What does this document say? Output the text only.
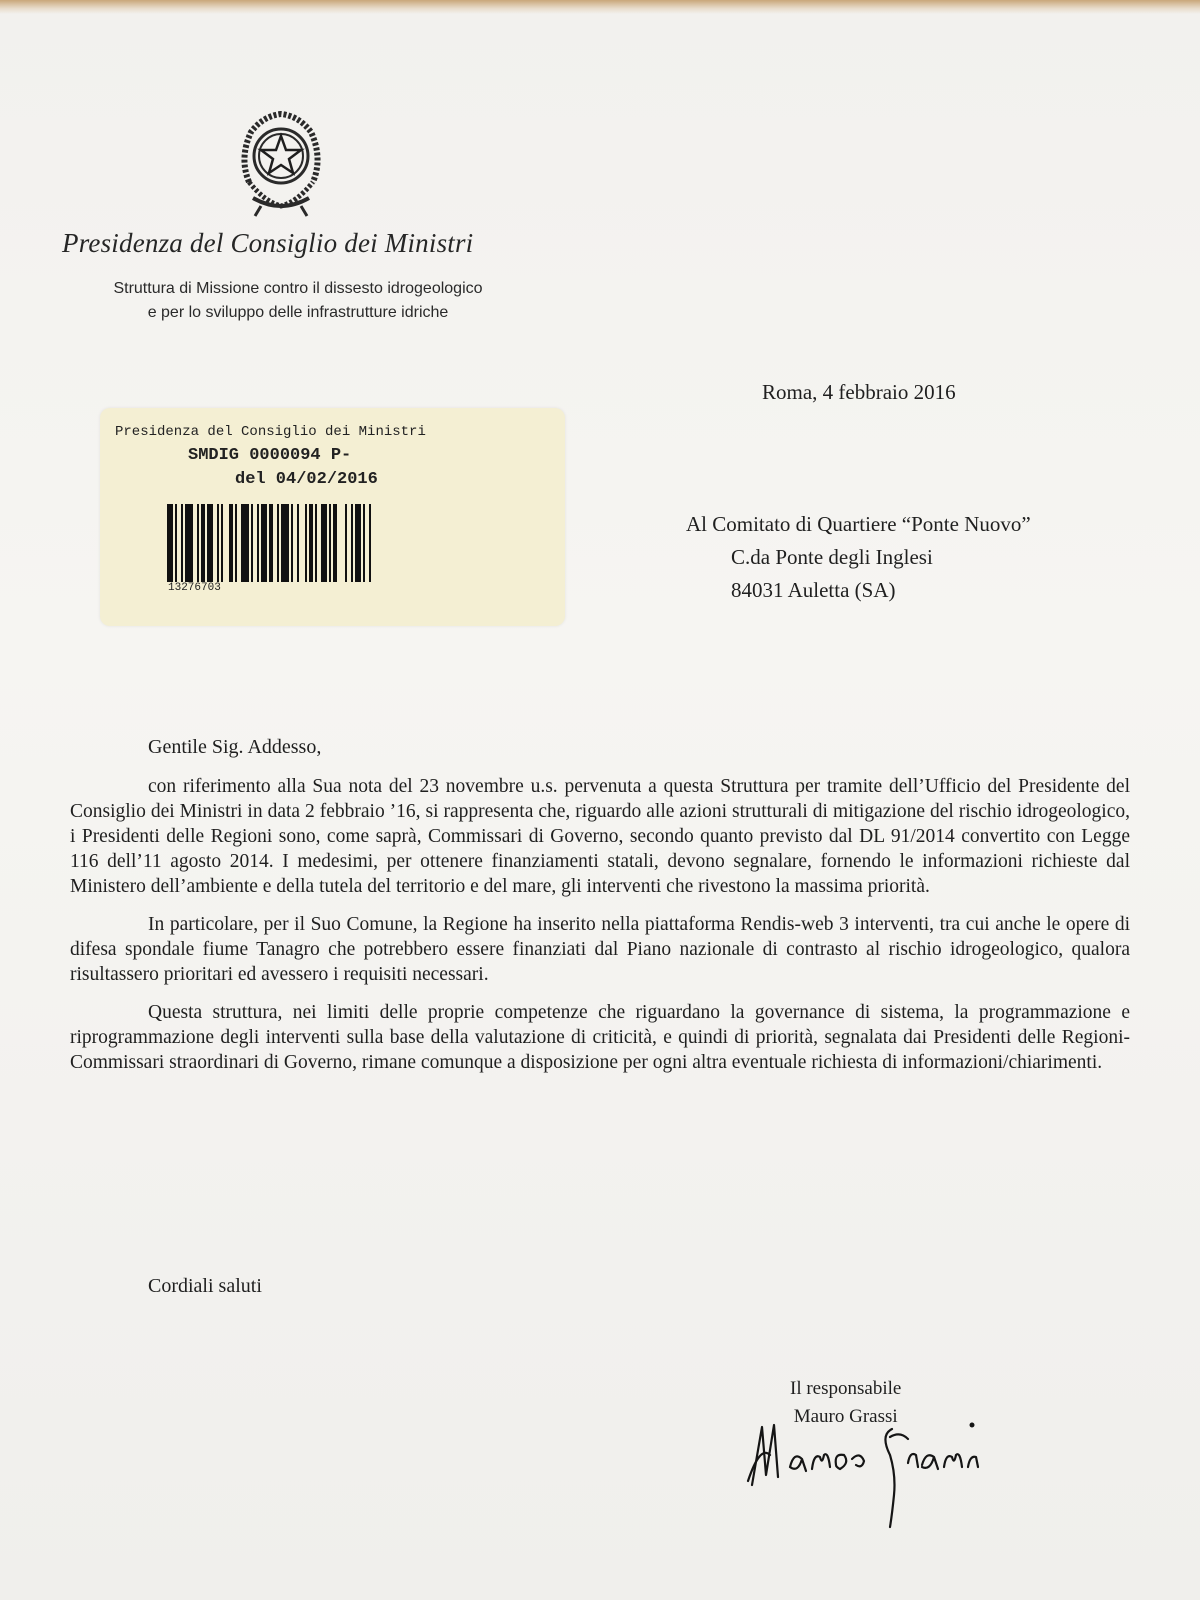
Presidenza del Consiglio dei Ministri
Struttura di Missione contro il dissesto idrogeologico
e per lo sviluppo delle infrastrutture idriche
Roma, 4 febbraio 2016
Presidenza del Consiglio dei Ministri
SMDIG 0000094 P-
del 04/02/2016
13276703
Al Comitato di Quartiere “Ponte Nuovo”
C.da Ponte degli Inglesi
84031 Auletta (SA)
Gentile Sig. Addesso,

con riferimento alla Sua nota del 23 novembre u.s. pervenuta a questa Struttura per tramite dell’Ufficio del Presidente del Consiglio dei Ministri in data 2 febbraio ’16, si rappresenta che, riguardo alle azioni strutturali di mitigazione del rischio idrogeologico, i Presidenti delle Regioni sono, come saprà, Commissari di Governo, secondo quanto previsto dal DL 91/2014 convertito con Legge 116 dell’11 agosto 2014. I medesimi, per ottenere finanziamenti statali, devono segnalare, fornendo le informazioni richieste dal Ministero dell’ambiente e della tutela del territorio e del mare, gli interventi che rivestono la massima priorità.

In particolare, per il Suo Comune, la Regione ha inserito nella piattaforma Rendis-web 3 interventi, tra cui anche le opere di difesa spondale fiume Tanagro che potrebbero essere finanziati dal Piano nazionale di contrasto al rischio idrogeologico, qualora risultassero prioritari ed avessero i requisiti necessari.

Questa struttura, nei limiti delle proprie competenze che riguardano la governance di sistema, la programmazione e riprogrammazione degli interventi sulla base della valutazione di criticità, e quindi di priorità, segnalata dai Presidenti delle Regioni-Commissari straordinari di Governo, rimane comunque a disposizione per ogni altra eventuale richiesta di informazioni/chiarimenti.

Cordiali saluti
Il responsabile
Mauro Grassi
